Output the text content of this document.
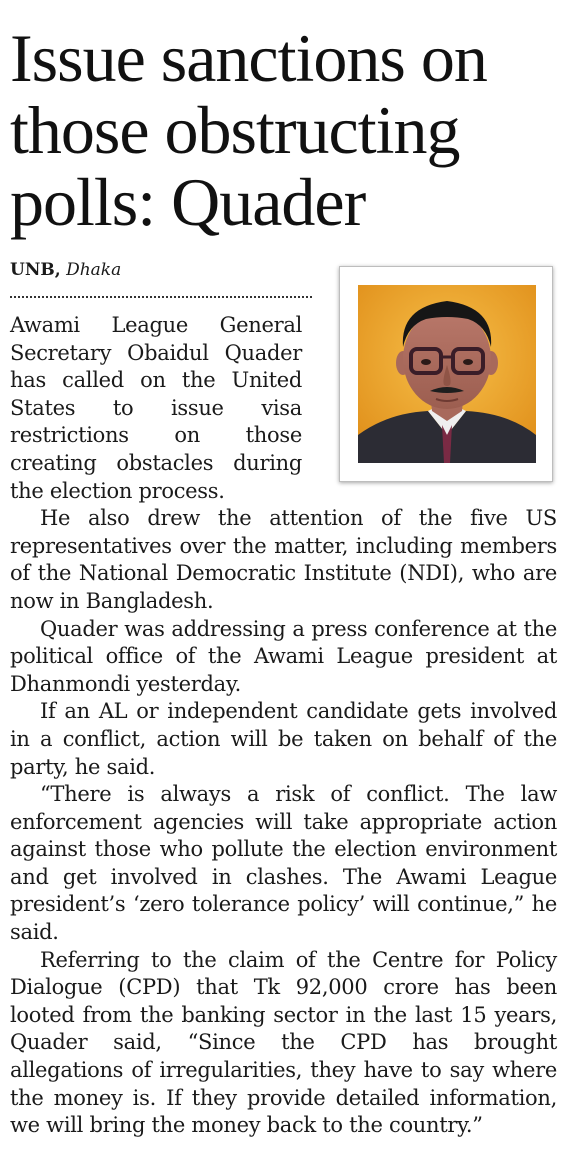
Issue sanctions on those obstructing polls: Quader
UNB, Dhaka

Awami League General Secretary Obaidul Quader has called on the United States to issue visa restrictions on those creating obstacles during the election process.

He also drew the attention of the five US representatives over the matter, including members of the National Democratic Institute (NDI), who are now in Bangladesh.

Quader was addressing a press conference at the political office of the Awami League president at Dhanmondi yesterday.

If an AL or independent candidate gets involved in a conflict, action will be taken on behalf of the party, he said.

“There is always a risk of conflict. The law enforcement agencies will take appropriate action against those who pollute the election environment and get involved in clashes. The Awami League president’s ‘zero tolerance policy’ will continue,” he said.

Referring to the claim of the Centre for Policy Dialogue (CPD) that Tk 92,000 crore has been looted from the banking sector in the last 15 years, Quader said, “Since the CPD has brought allegations of irregularities, they have to say where the money is. If they provide detailed information, we will bring the money back to the country.”
